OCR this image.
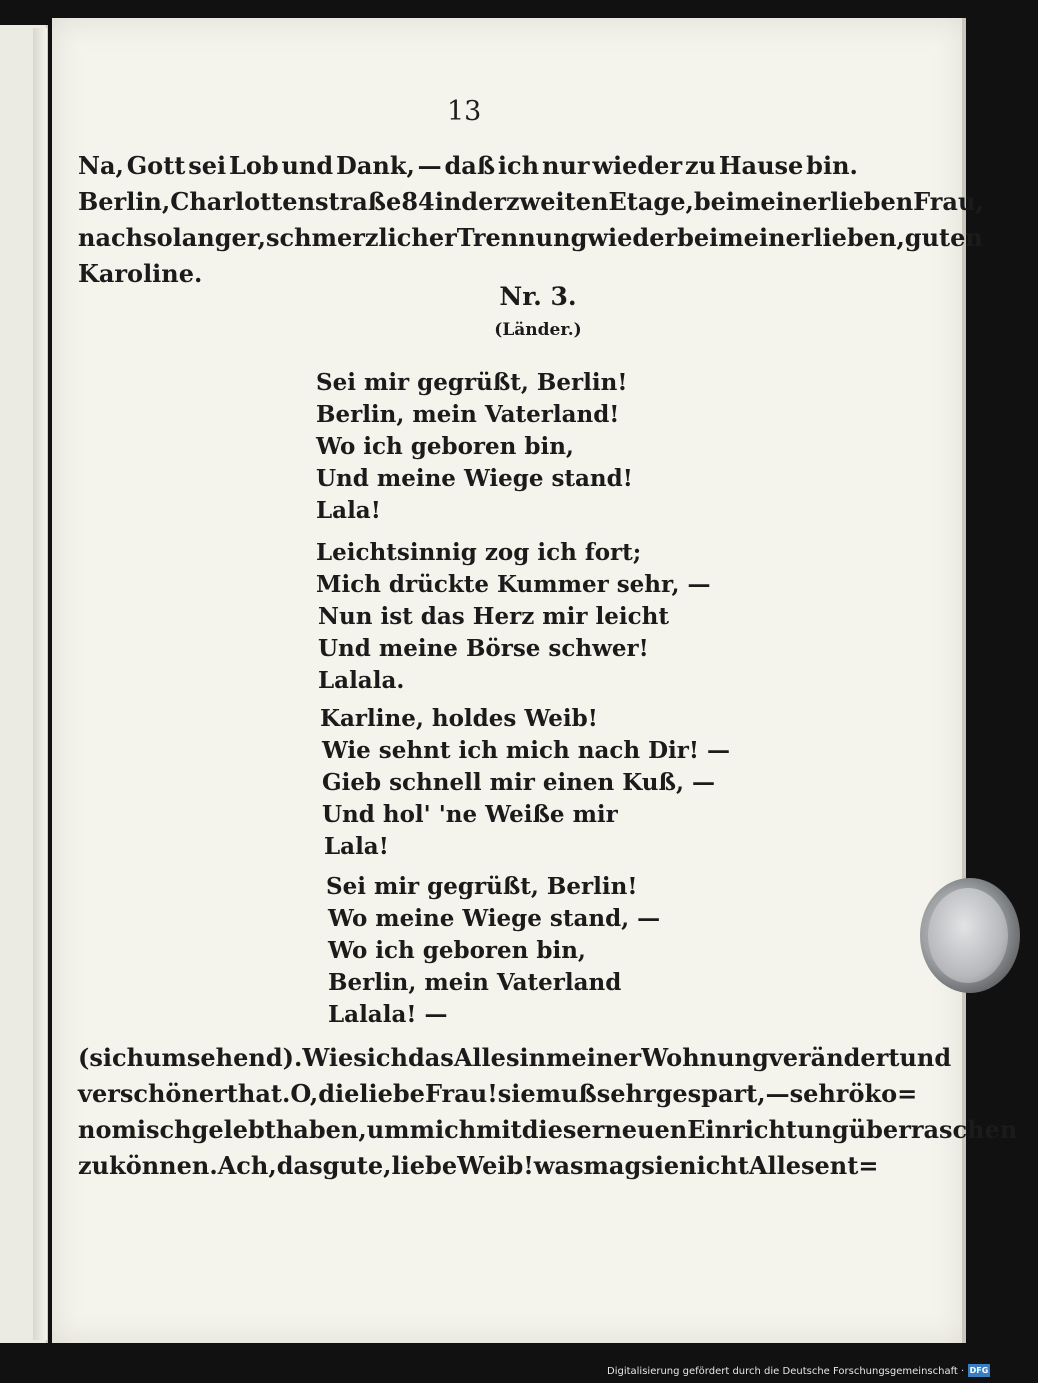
13
Na, Gott sei Lob und Dank, — daß ich nur wieder zu Hause bin.
Berlin, Charlottenstraße 84 in der zweiten Etage, bei meiner lieben Frau,
nach so langer, schmerzlicher Trennung wieder bei meiner lieben, guten
Karoline.
Nr. 3.
(Länder.)
Sei mir gegrüßt, Berlin!
Berlin, mein Vaterland!
Wo ich geboren bin,
Und meine Wiege stand!
Lala!
Leichtsinnig zog ich fort;
Mich drückte Kummer sehr, —
Nun ist das Herz mir leicht
Und meine Börse schwer!
Lalala.
Karline, holdes Weib!
Wie sehnt ich mich nach Dir! —
Gieb schnell mir einen Kuß, —
Und hol' 'ne Weiße mir
Lala!
Sei mir gegrüßt, Berlin!
Wo meine Wiege stand, —
Wo ich geboren bin,
Berlin, mein Vaterland
Lalala! —
(sich umsehend). Wie sich das Alles in meiner Wohnung verändert und
verschönert hat. O, die liebe Frau! sie muß sehr gespart, — sehr öko=
nomisch gelebt haben, um mich mit dieser neuen Einrichtung überraschen
zu können. Ach, das gute, liebe Weib! was mag sie nicht Alles ent=
Digitalisierung gefördert durch die Deutsche Forschungsgemeinschaft · DFG
